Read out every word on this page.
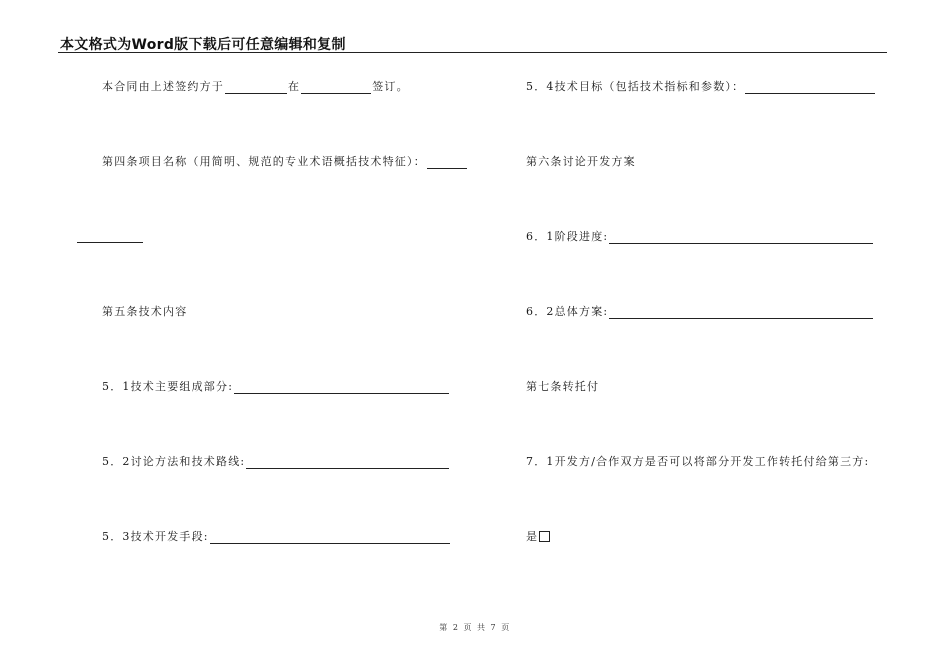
本文格式为Word版下载后可任意编辑和复制
本合同由上述签约方于	在	签订。
第四条项目名称（用简明、规范的专业术语概括技术特征）：
第五条技术内容
5．1技术主要组成部分:
5．2讨论方法和技术路线:
5．3技术开发手段:
5．4技术目标（包括技术指标和参数）：
第六条讨论开发方案
6．1阶段进度:
6．2总体方案:
第七条转托付
7．1开发方/合作双方是否可以将部分开发工作转托付给第三方:
是
第 2 页 共 7 页
